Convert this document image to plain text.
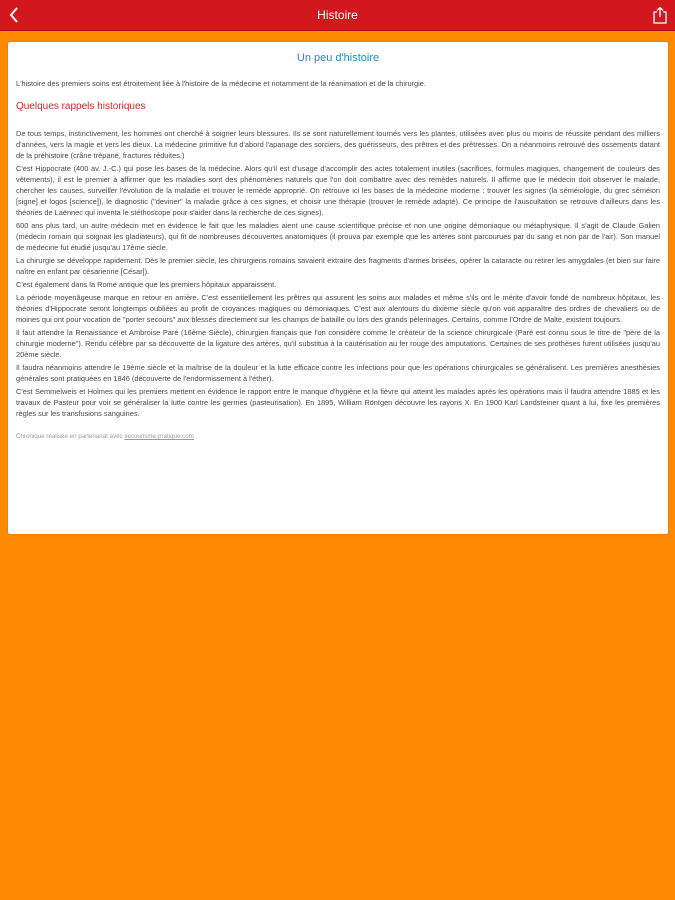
Histoire
Un peu d'histoire

L'histoire des premiers soins est étroitement liée à l'histoire de la médecine et notamment de la réanimation et de la chirurgie.

Quelques rappels historiques

De tous temps, instinctivement, les hommes ont cherché à soigner leurs blessures. Ils se sont naturellement tournés vers les plantes, utilisées avec plus ou moins de réussite pendant des milliers d'années, vers la magie et vers les dieux. La médecine primitive fut d'abord l'apanage des sorciers, des guérisseurs, des prêtres et des prêtresses. On a néanmoins retrouvé des ossements datant de la préhistoire (crâne trépané, fractures réduites.)

C'est Hippocrate (400 av. J.-C.) qui pose les bases de la médecine. Alors qu'il est d'usage d'accomplir des actes totalement inutiles (sacrifices, formules magiques, changement de couleurs des vêtements), il est le premier à affirmer que les maladies sont des phénomènes naturels que l'on doit combattre avec des remèdes naturels. Il affirme que le médecin doit observer le malade, chercher les causes, surveiller l'évolution de la maladie et trouver le remède approprié. On retrouve ici les bases de la médecine moderne : trouver les signes (la séméiologie, du grec séméion [signe] et logos [science]), le diagnostic ("deviner" la maladie grâce à ces signes, et choisir une thérapie (trouver le remède adapté). Ce principe de l'auscultation se retrouve d'ailleurs dans les théories de Laënnec qui inventa le stéthoscope pour s'aider dans la recherche de ces signes).

600 ans plus tard, un autre médecin met en évidence le fait que les maladies aient une cause scientifique précise et non une origine démoniaque ou métaphysique. Il s'agit de Claude Galien (médecin romain qui soignait les gladiateurs), qui fit de nombreuses découvertes anatomiques (il prouva par exemple que les artères sont parcourues par du sang et non par de l'air). Son manuel de médecine fut étudié jusqu'au 17ème siècle.

La chirurgie se développe rapidement. Dès le premier siècle, les chirurgiens romains savaient extraire des fragments d'armes brisées, opérer la cataracte ou retirer les amygdales (et bien sur faire naître en enfant par césarienne [César]).

C'est également dans la Rome antique que les premiers hôpitaux apparaissent.

La période moyenâgeuse marque en retour en arrière. C'est essentiellement les prêtres qui assurent les soins aux malades et même s'ils ont le mérite d'avoir fondé de nombreux hôpitaux, les théories d'Hippocrate seront longtemps oubliées au profit de croyances magiques ou démoniaques. C'est aux alentours du dixième siècle qu'on voit apparaître des ordres de chevaliers ou de moines qui ont pour vocation de "porter secours" aux blessés directement sur les champs de bataille ou lors des grands pèlerinages. Certains, comme l'Ordre de Malte, existent toujours.

Il faut attendre la Renaissance et Ambroise Paré (16ème Siècle), chirurgien français que l'on considère comme le créateur de la science chirurgicale (Paré est connu sous le titre de "père de la chirurgie moderne"). Rendu célèbre par sa découverte de la ligature des artères, qu'il substitua à la cautérisation au fer rouge des amputations. Certaines de ses prothèses furent utilisées jusqu'au 20ème siècle.

Il faudra néanmoins attendre le 19ème siècle et la maîtrise de la douleur et la lutte efficace contre les infections pour que les opérations chirurgicales se généralisent. Les premières anesthésies générales sont pratiquées en 1846 (découverte de l'endormissement à l'éther).

C'est Semmelweis et Holmes qui les premiers mettent en évidence le rapport entre le manque d'hygiène et la fièvre qui atteint les malades après les opérations mais il faudra attendre 1885 et les travaux de Pasteur pour voir se généraliser la lutte contre les germes (pasteurisation). En 1895, William Röntgen découvre les rayons X. En 1900 Karl Landsteiner quant à lui, fixe les premières règles sur les transfusions sanguines.

Chronique réalisée en partenariat avec secourisme-pratique.com
